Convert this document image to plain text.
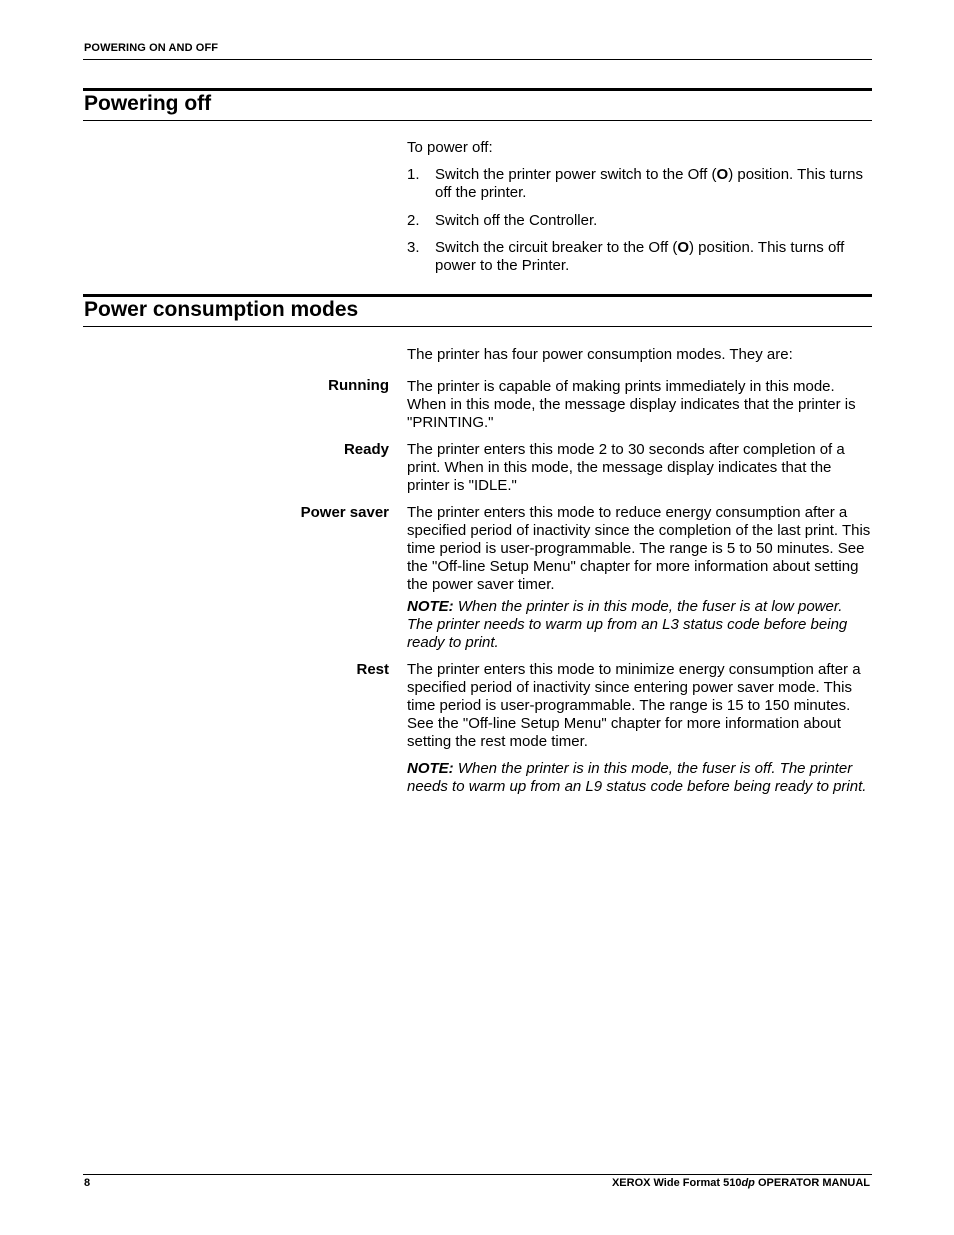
POWERING ON AND OFF
Powering off
To power off:
1. Switch the printer power switch to the Off (O) position. This turns off the printer.
2. Switch off the Controller.
3. Switch the circuit breaker to the Off (O) position. This turns off power to the Printer.
Power consumption modes
The printer has four power consumption modes. They are:
Running The printer is capable of making prints immediately in this mode. When in this mode, the message display indicates that the printer is "PRINTING."
Ready The printer enters this mode 2 to 30 seconds after completion of a print. When in this mode, the message display indicates that the printer is "IDLE."
Power saver The printer enters this mode to reduce energy consumption after a specified period of inactivity since the completion of the last print. This time period is user-programmable. The range is 5 to 50 minutes. See the "Off-line Setup Menu" chapter for more information about setting the power saver timer.
NOTE: When the printer is in this mode, the fuser is at low power. The printer needs to warm up from an L3 status code before being ready to print.
Rest The printer enters this mode to minimize energy consumption after a specified period of inactivity since entering power saver mode. This time period is user-programmable. The range is 15 to 150 minutes. See the "Off-line Setup Menu" chapter for more information about setting the rest mode timer.
NOTE: When the printer is in this mode, the fuser is off. The printer needs to warm up from an L9 status code before being ready to print.
8	XEROX Wide Format 510dp OPERATOR MANUAL
